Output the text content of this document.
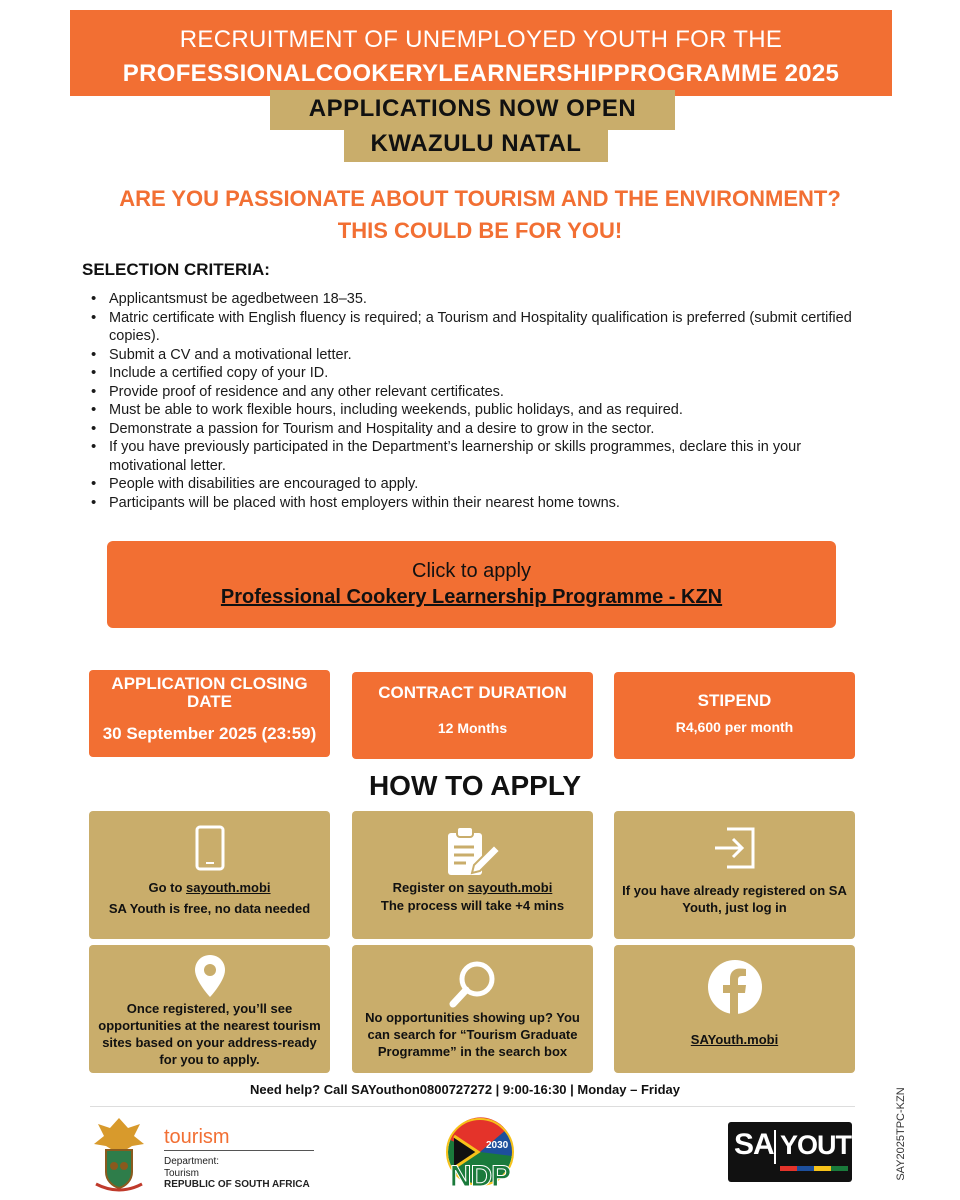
RECRUITMENT OF UNEMPLOYED YOUTH FOR THE
PROFESSIONALCOOKERYLEARNERSHIPPROGRAMME 2025
APPLICATIONS NOW OPEN
KWAZULU NATAL
ARE YOU PASSIONATE ABOUT TOURISM AND THE ENVIRONMENT?
THIS COULD BE FOR YOU!
SELECTION CRITERIA:
• Applicantsmust be agedbetween 18–35.
• Matric certificate with English fluency is required; a Tourism and Hospitality qualification is preferred (submit certified copies).
• Submit a CV and a motivational letter.
• Include a certified copy of your ID.
• Provide proof of residence and any other relevant certificates.
• Must be able to work flexible hours, including weekends, public holidays, and as required.
• Demonstrate a passion for Tourism and Hospitality and a desire to grow in the sector.
• If you have previously participated in the Department’s learnership or skills programmes, declare this in your motivational letter.
• People with disabilities are encouraged to apply.
• Participants will be placed with host employers within their nearest home towns.
Click to apply
Professional Cookery Learnership Programme - KZN
APPLICATION CLOSING DATE
30 September 2025 (23:59)
CONTRACT DURATION
12 Months
STIPEND
R4,600 per month
HOW TO APPLY
Go to sayouth.mobi
SA Youth is free, no data needed
Register on sayouth.mobi
The process will take +4 mins
If you have already registered on SA Youth, just log in
Once registered, you’ll see opportunities at the nearest tourism sites based on your address-ready for you to apply.
No opportunities showing up? You can search for “Tourism Graduate Programme” in the search box
SAYouth.mobi
Need help? Call SAYouthon0800727272 | 9:00-16:30 | Monday – Friday
tourism
Department:
Tourism
REPUBLIC OF SOUTH AFRICA
2030
NDP
SA YOUTH SAY2025TPC-KZN
